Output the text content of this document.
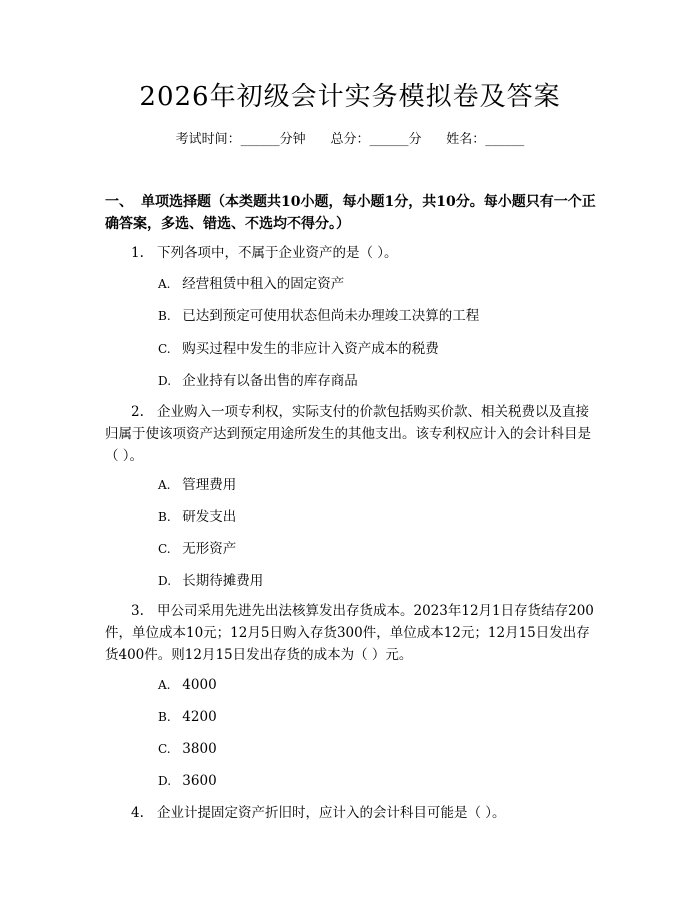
2026年初级会计实务模拟卷及答案
考试时间：______分钟 总分：______分 姓名：______
一、 单项选择题（本类题共10小题，每小题1分，共10分。每小题只有一个正确答案，多选、错选、不选均不得分。）
1. 下列各项中，不属于企业资产的是（ ）。
A. 经营租赁中租入的固定资产
B. 已达到预定可使用状态但尚未办理竣工决算的工程
C. 购买过程中发生的非应计入资产成本的税费
D. 企业持有以备出售的库存商品
2. 企业购入一项专利权，实际支付的价款包括购买价款、相关税费以及直接归属于使该项资产达到预定用途所发生的其他支出。该专利权应计入的会计科目是（ ）。
A. 管理费用
B. 研发支出
C. 无形资产
D. 长期待摊费用
3. 甲公司采用先进先出法核算发出存货成本。2023年12月1日存货结存200件，单位成本10元；12月5日购入存货300件，单位成本12元；12月15日发出存货400件。则12月15日发出存货的成本为（ ）元。
A. 4000
B. 4200
C. 3800
D. 3600
4. 企业计提固定资产折旧时，应计入的会计科目可能是（ ）。
